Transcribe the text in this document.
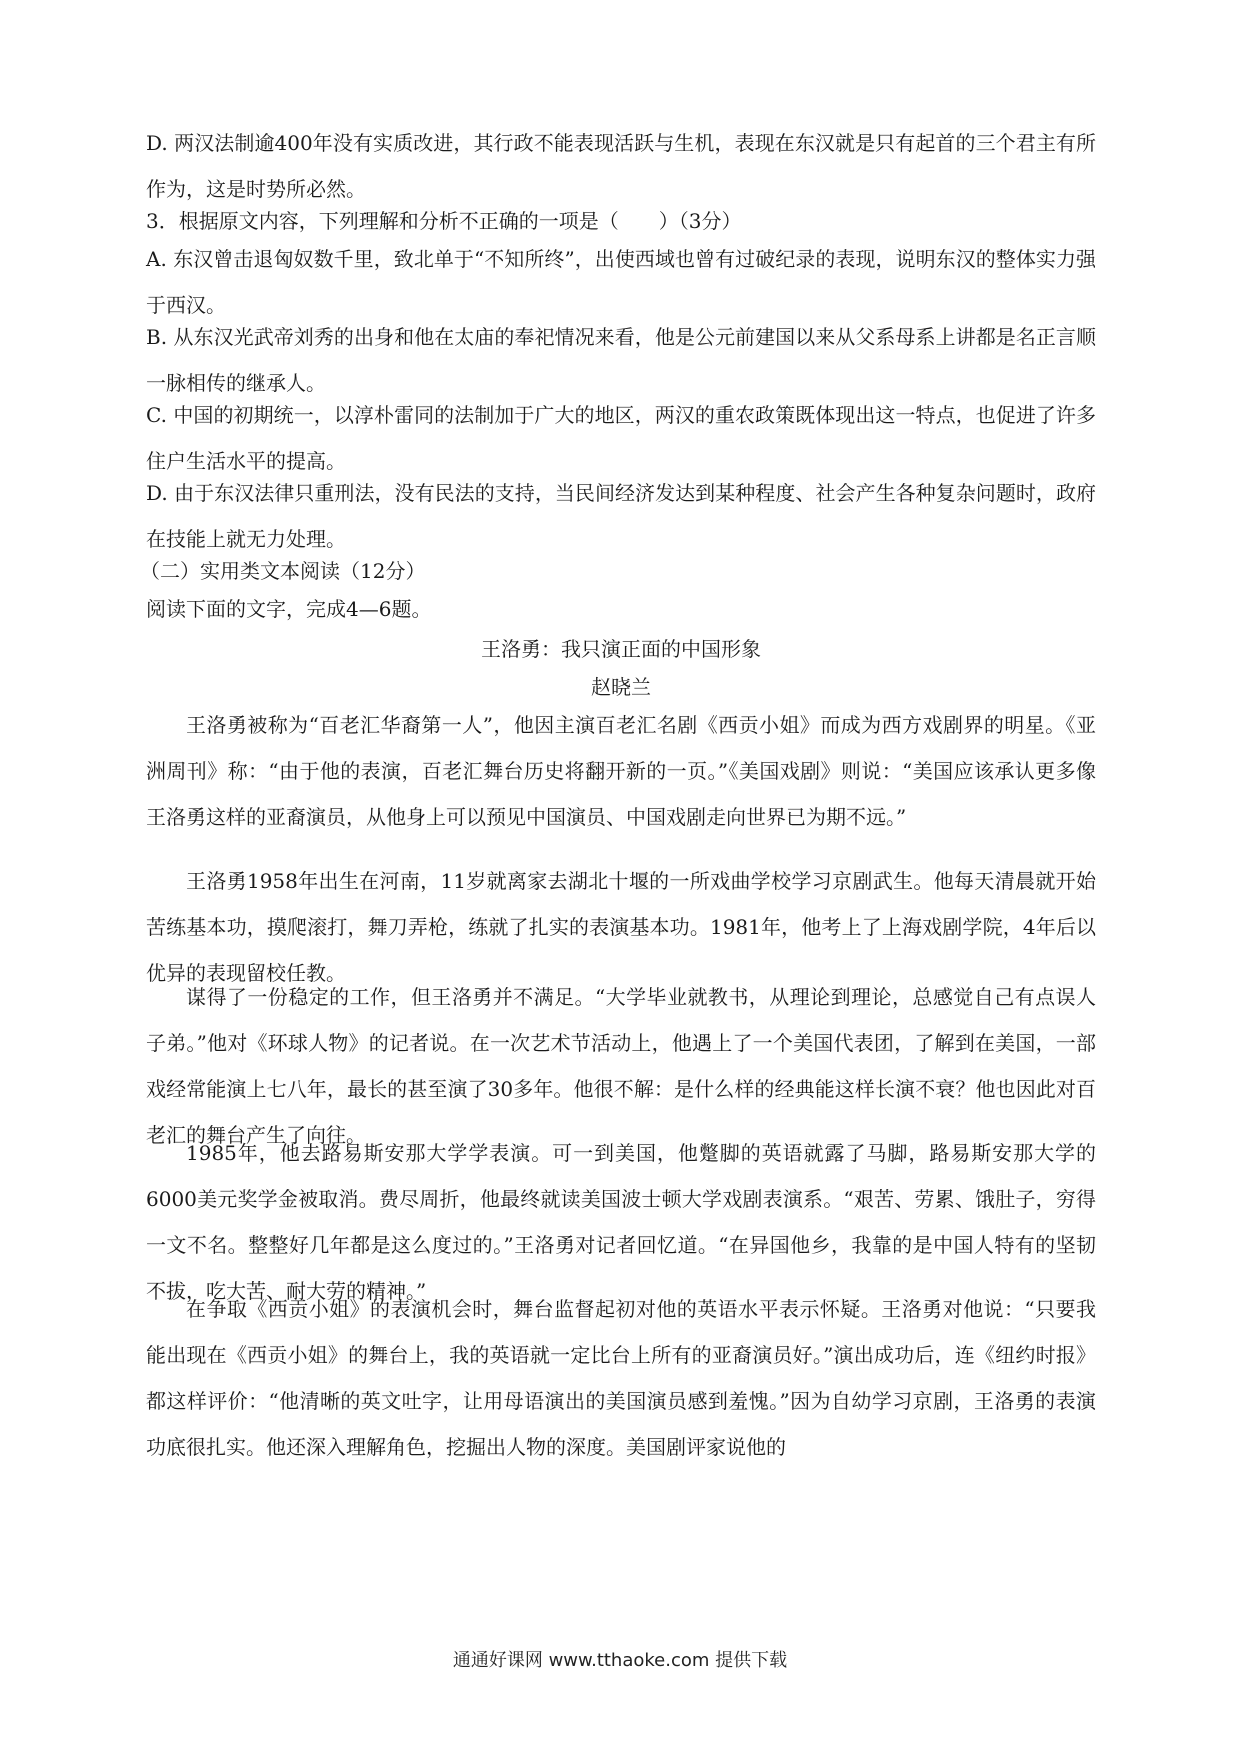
D. 两汉法制逾400年没有实质改进，其行政不能表现活跃与生机，表现在东汉就是只有起首的三个君主有所作为，这是时势所必然。

3．根据原文内容，下列理解和分析不正确的一项是（　　）（3分）

A. 东汉曾击退匈奴数千里，致北单于“不知所终”，出使西域也曾有过破纪录的表现，说明东汉的整体实力强于西汉。

B. 从东汉光武帝刘秀的出身和他在太庙的奉祀情况来看，他是公元前建国以来从父系母系上讲都是名正言顺一脉相传的继承人。

C. 中国的初期统一，以淳朴雷同的法制加于广大的地区，两汉的重农政策既体现出这一特点，也促进了许多住户生活水平的提高。

D. 由于东汉法律只重刑法，没有民法的支持，当民间经济发达到某种程度、社会产生各种复杂问题时，政府在技能上就无力处理。

（二）实用类文本阅读（12分）

阅读下面的文字，完成4—6题。

王洛勇：我只演正面的中国形象

赵晓兰

王洛勇被称为“百老汇华裔第一人”，他因主演百老汇名剧《西贡小姐》而成为西方戏剧界的明星。《亚洲周刊》称：“由于他的表演，百老汇舞台历史将翻开新的一页。”《美国戏剧》则说：“美国应该承认更多像王洛勇这样的亚裔演员，从他身上可以预见中国演员、中国戏剧走向世界已为期不远。”

王洛勇1958年出生在河南，11岁就离家去湖北十堰的一所戏曲学校学习京剧武生。他每天清晨就开始苦练基本功，摸爬滚打，舞刀弄枪，练就了扎实的表演基本功。1981年，他考上了上海戏剧学院，4年后以优异的表现留校任教。

谋得了一份稳定的工作，但王洛勇并不满足。“大学毕业就教书，从理论到理论，总感觉自己有点误人子弟。”他对《环球人物》的记者说。在一次艺术节活动上，他遇上了一个美国代表团，了解到在美国，一部戏经常能演上七八年，最长的甚至演了30多年。他很不解：是什么样的经典能这样长演不衰？他也因此对百老汇的舞台产生了向往。

1985年，他去路易斯安那大学学表演。可一到美国，他蹩脚的英语就露了马脚，路易斯安那大学的6000美元奖学金被取消。费尽周折，他最终就读美国波士顿大学戏剧表演系。“艰苦、劳累、饿肚子，穷得一文不名。整整好几年都是这么度过的。”王洛勇对记者回忆道。“在异国他乡，我靠的是中国人特有的坚韧不拔，吃大苦、耐大劳的精神。”

在争取《西贡小姐》的表演机会时，舞台监督起初对他的英语水平表示怀疑。王洛勇对他说：“只要我能出现在《西贡小姐》的舞台上，我的英语就一定比台上所有的亚裔演员好。”演出成功后，连《纽约时报》都这样评价：“他清晰的英文吐字，让用母语演出的美国演员感到羞愧。”因为自幼学习京剧，王洛勇的表演功底很扎实。他还深入理解角色，挖掘出人物的深度。美国剧评家说他的

通通好课网 www.tthaoke.com 提供下载
